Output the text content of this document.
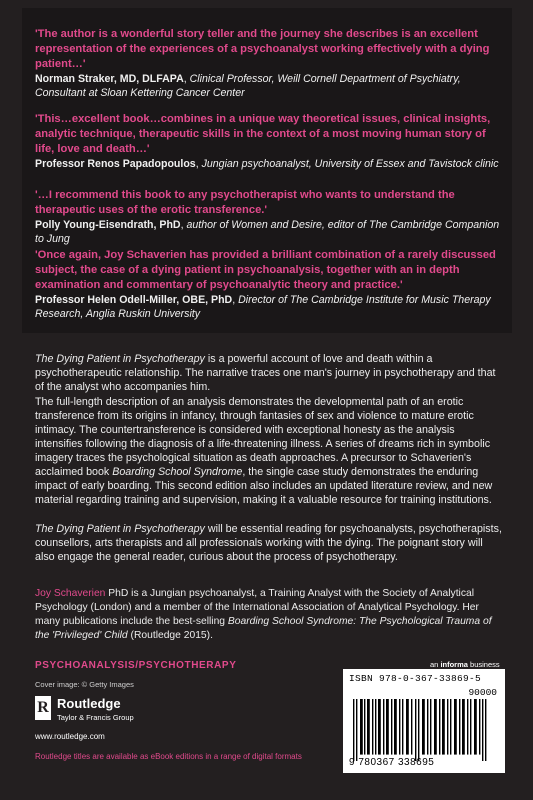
'The author is a wonderful story teller and the journey she describes is an excellent representation of the experiences of a psychoanalyst working effectively with a dying patient…'

Norman Straker, MD, DLFAPA, Clinical Professor, Weill Cornell Department of Psychiatry, Consultant at Sloan Kettering Cancer Center

'This…excellent book…combines in a unique way theoretical issues, clinical insights, analytic technique, therapeutic skills in the context of a most moving human story of life, love and death…'

Professor Renos Papadopoulos, Jungian psychoanalyst, University of Essex and Tavistock clinic

'…I recommend this book to any psychotherapist who wants to understand the therapeutic uses of the erotic transference.'

Polly Young-Eisendrath, PhD, author of Women and Desire, editor of The Cambridge Companion to Jung

'Once again, Joy Schaverien has provided a brilliant combination of a rarely discussed subject, the case of a dying patient in psychoanalysis, together with an in depth examination and commentary of psychoanalytic theory and practice.'

Professor Helen Odell-Miller, OBE, PhD, Director of The Cambridge Institute for Music Therapy Research, Anglia Ruskin University

The Dying Patient in Psychotherapy is a powerful account of love and death within a psychotherapeutic relationship. The narrative traces one man's journey in psychotherapy and that of the analyst who accompanies him.

The full-length description of an analysis demonstrates the developmental path of an erotic transference from its origins in infancy, through fantasies of sex and violence to mature erotic intimacy. The countertransference is considered with exceptional honesty as the analysis intensifies following the diagnosis of a life-threatening illness. A series of dreams rich in symbolic imagery traces the psychological situation as death approaches. A precursor to Schaverien's acclaimed book Boarding School Syndrome, the single case study demonstrates the enduring impact of early boarding. This second edition also includes an updated literature review, and new material regarding training and supervision, making it a valuable resource for training institutions.

The Dying Patient in Psychotherapy will be essential reading for psychoanalysts, psychotherapists, counsellors, arts therapists and all professionals working with the dying. The poignant story will also engage the general reader, curious about the process of psychotherapy.

Joy Schaverien PhD is a Jungian psychoanalyst, a Training Analyst with the Society of Analytical Psychology (London) and a member of the International Association of Analytical Psychology. Her many publications include the best-selling Boarding School Syndrome: The Psychological Trauma of the 'Privileged' Child (Routledge 2015).

PSYCHOANALYSIS/PSYCHOTHERAPY
Cover image: © Getty Images
R Routledge
Taylor & Francis Group
www.routledge.com
Routledge titles are available as eBook editions in a range of digital formats
an informa business
ISBN 978-0-367-33869-5
90000
9 780367 338695
